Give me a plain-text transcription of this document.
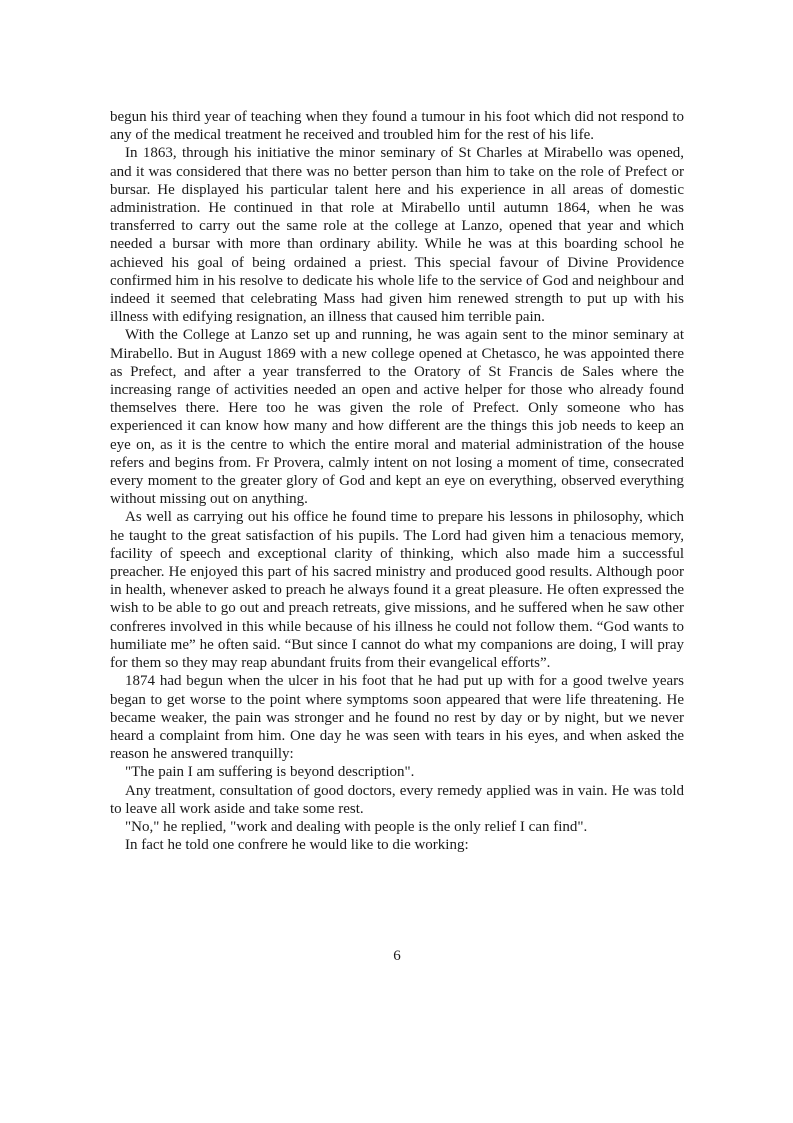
begun his third year of teaching when they found a tumour in his foot which did not respond to any of the medical treatment he received and troubled him for the rest of his life.

In 1863, through his initiative the minor seminary of St Charles at Mirabello was opened, and it was considered that there was no better person than him to take on the role of Prefect or bursar. He displayed his particular talent here and his experience in all areas of domestic administration. He continued in that role at Mirabello until autumn 1864, when he was transferred to carry out the same role at the college at Lanzo, opened that year and which needed a bursar with more than ordinary ability. While he was at this boarding school he achieved his goal of being ordained a priest. This special favour of Divine Providence confirmed him in his resolve to dedicate his whole life to the service of God and neighbour and indeed it seemed that celebrating Mass had given him renewed strength to put up with his illness with edifying resignation, an illness that caused him terrible pain.

With the College at Lanzo set up and running, he was again sent to the minor seminary at Mirabello. But in August 1869 with a new college opened at Chetasco, he was appointed there as Prefect, and after a year transferred to the Oratory of St Francis de Sales where the increasing range of activities needed an open and active helper for those who already found themselves there. Here too he was given the role of Prefect. Only someone who has experienced it can know how many and how different are the things this job needs to keep an eye on, as it is the centre to which the entire moral and material administration of the house refers and begins from. Fr Provera, calmly intent on not losing a moment of time, consecrated every moment to the greater glory of God and kept an eye on everything, observed everything without missing out on anything.

As well as carrying out his office he found time to prepare his lessons in philosophy, which he taught to the great satisfaction of his pupils. The Lord had given him a tenacious memory, facility of speech and exceptional clarity of thinking, which also made him a successful preacher. He enjoyed this part of his sacred ministry and produced good results. Although poor in health, whenever asked to preach he always found it a great pleasure. He often expressed the wish to be able to go out and preach retreats, give missions, and he suffered when he saw other confreres involved in this while because of his illness he could not follow them. “God wants to humiliate me” he often said. “But since I cannot do what my companions are doing, I will pray for them so they may reap abundant fruits from their evangelical efforts”.

1874 had begun when the ulcer in his foot that he had put up with for a good twelve years began to get worse to the point where symptoms soon appeared that were life threatening. He became weaker, the pain was stronger and he found no rest by day or by night, but we never heard a complaint from him. One day he was seen with tears in his eyes, and when asked the reason he answered tranquilly:

"The pain I am suffering is beyond description".

Any treatment, consultation of good doctors, every remedy applied was in vain. He was told to leave all work aside and take some rest.

"No," he replied, "work and dealing with people is the only relief I can find".

In fact he told one confrere he would like to die working:

6
